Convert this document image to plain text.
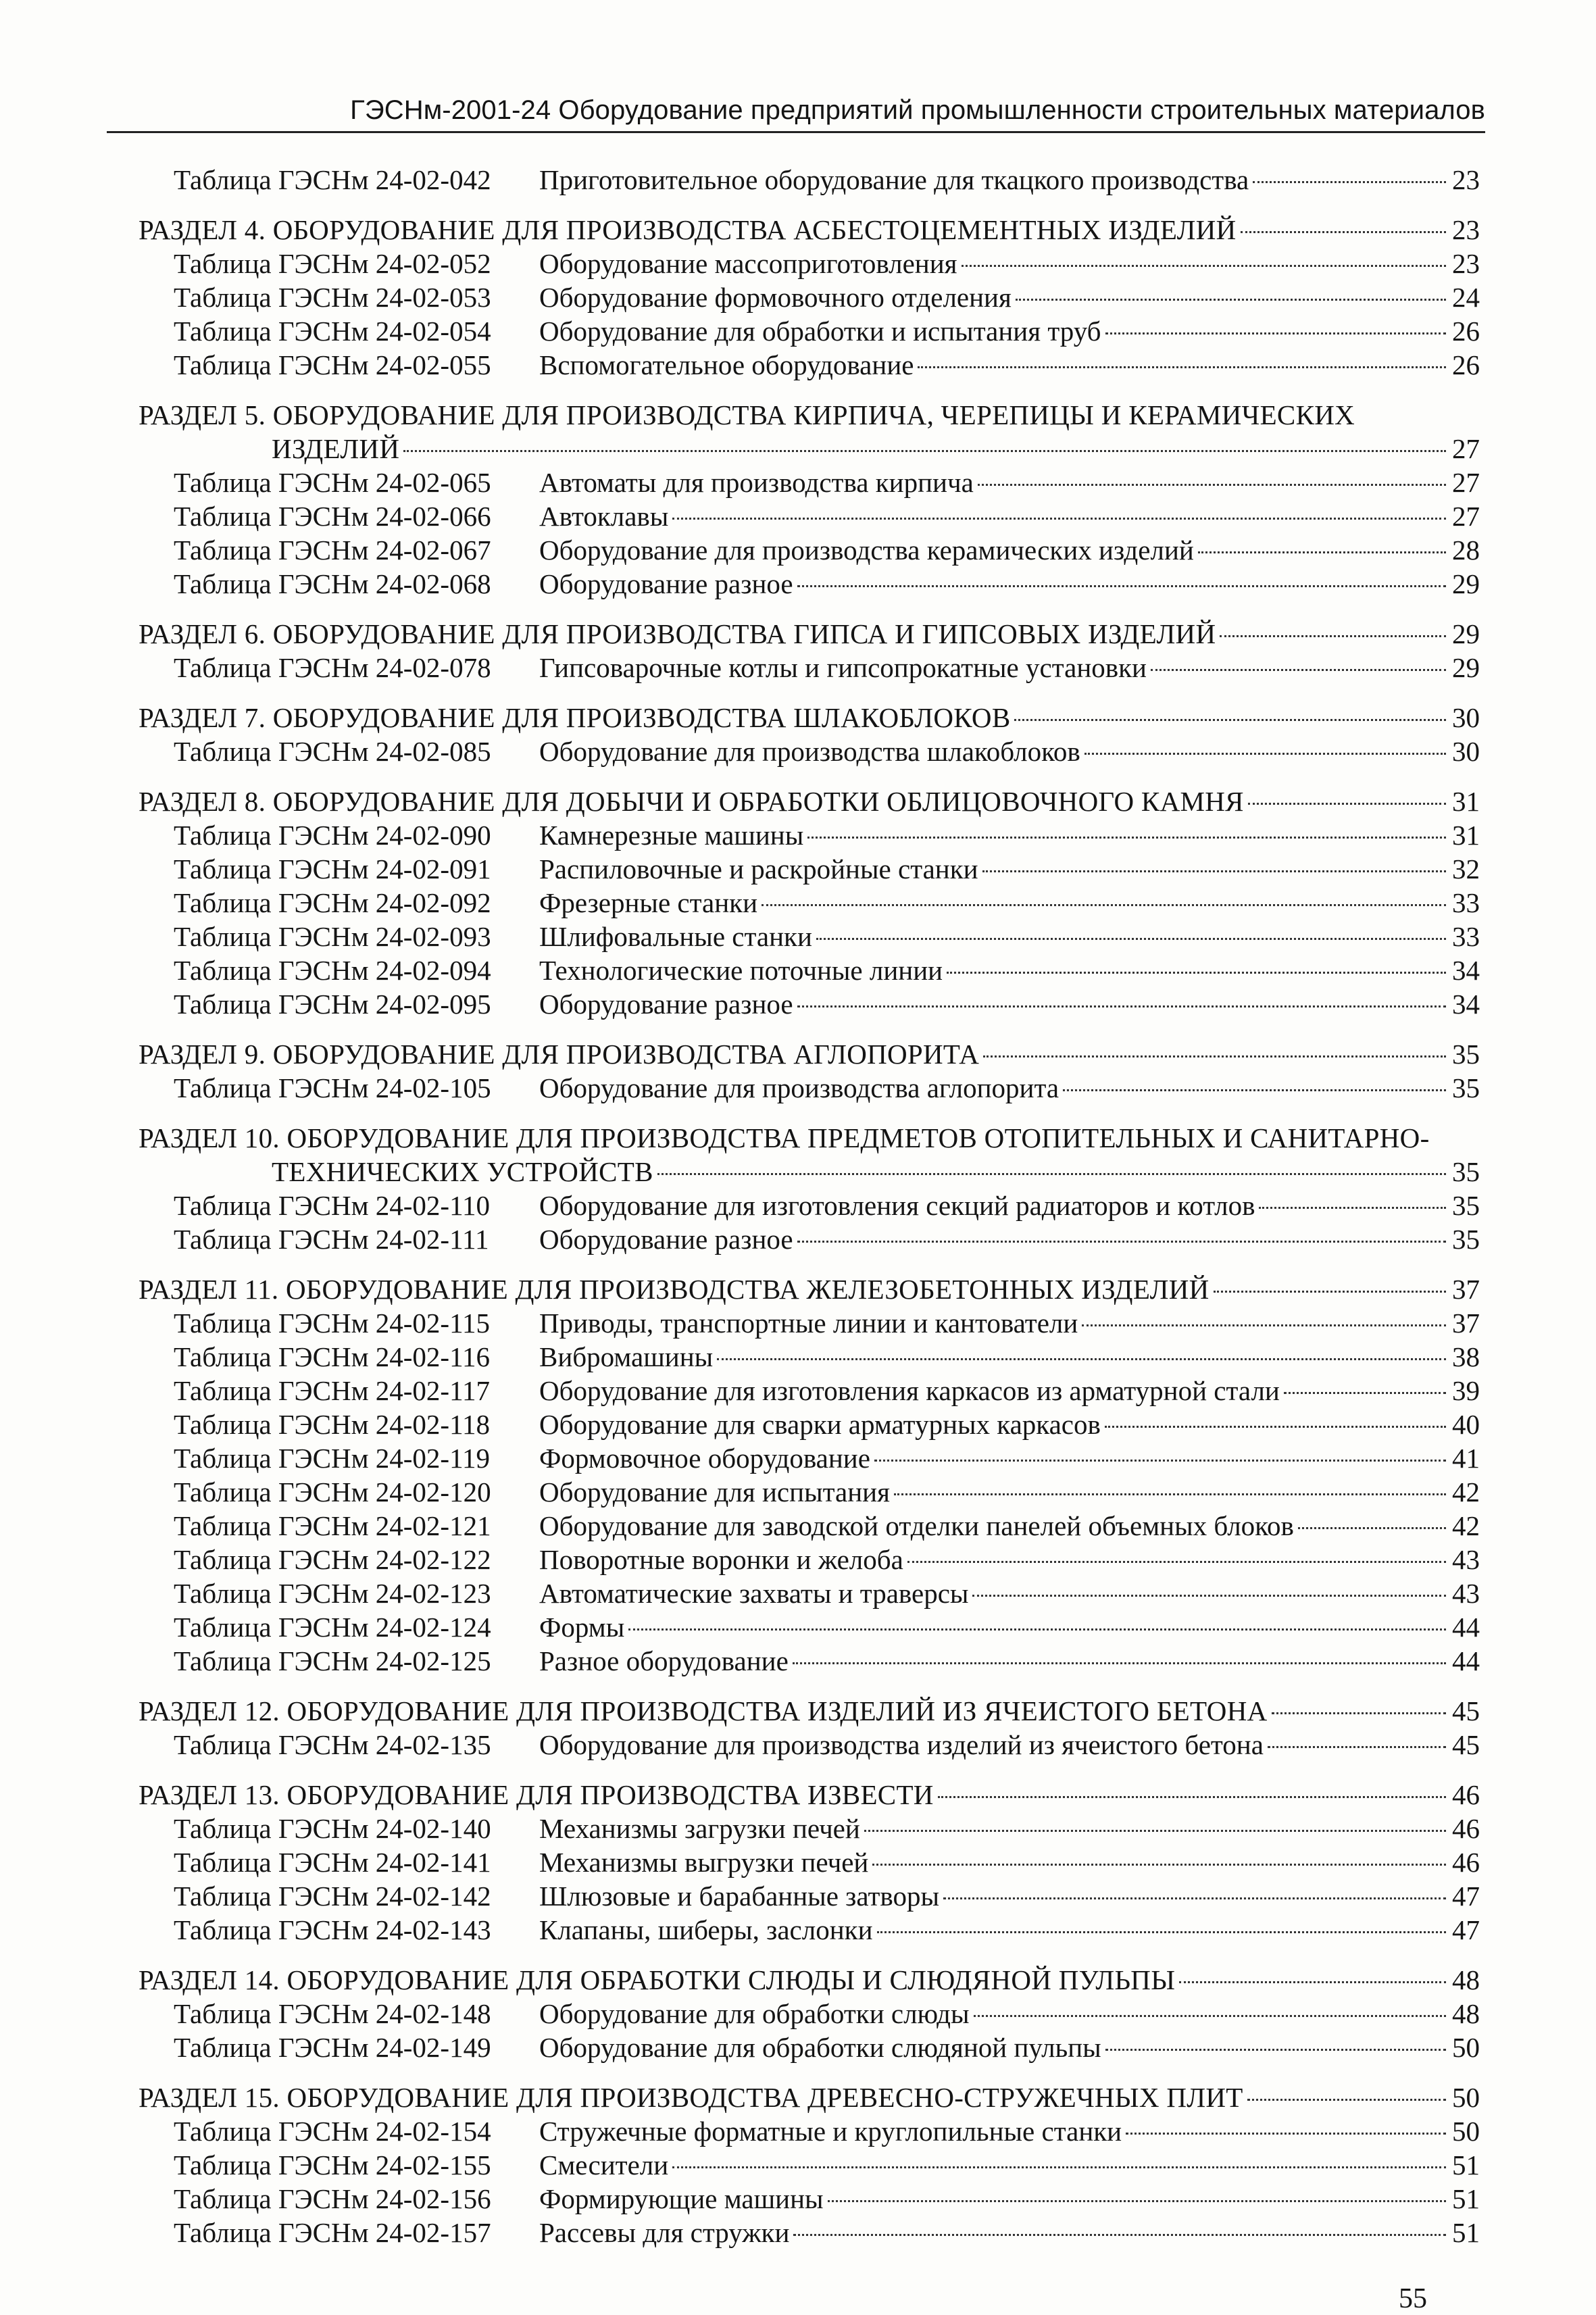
ГЭСНм-2001-24 Оборудование предприятий промышленности строительных материалов
Таблица ГЭСНм 24-02-042	Приготовительное оборудование для ткацкого производства	23
РАЗДЕЛ 4. ОБОРУДОВАНИЕ ДЛЯ ПРОИЗВОДСТВА АСБЕСТОЦЕМЕНТНЫХ ИЗДЕЛИЙ	23
Таблица ГЭСНм 24-02-052	Оборудование массоприготовления	23
Таблица ГЭСНм 24-02-053	Оборудование формовочного отделения	24
Таблица ГЭСНм 24-02-054	Оборудование для обработки и испытания труб	26
Таблица ГЭСНм 24-02-055	Вспомогательное оборудование	26
РАЗДЕЛ 5. ОБОРУДОВАНИЕ ДЛЯ ПРОИЗВОДСТВА КИРПИЧА, ЧЕРЕПИЦЫ И КЕРАМИЧЕСКИХ
ИЗДЕЛИЙ	27
Таблица ГЭСНм 24-02-065	Автоматы для производства кирпича	27
Таблица ГЭСНм 24-02-066	Автоклавы	27
Таблица ГЭСНм 24-02-067	Оборудование для производства керамических изделий	28
Таблица ГЭСНм 24-02-068	Оборудование разное	29
РАЗДЕЛ 6. ОБОРУДОВАНИЕ ДЛЯ ПРОИЗВОДСТВА ГИПСА И ГИПСОВЫХ ИЗДЕЛИЙ	29
Таблица ГЭСНм 24-02-078	Гипсоварочные котлы и гипсопрокатные установки	29
РАЗДЕЛ 7. ОБОРУДОВАНИЕ ДЛЯ ПРОИЗВОДСТВА ШЛАКОБЛОКОВ	30
Таблица ГЭСНм 24-02-085	Оборудование для производства шлакоблоков	30
РАЗДЕЛ 8. ОБОРУДОВАНИЕ ДЛЯ ДОБЫЧИ И ОБРАБОТКИ ОБЛИЦОВОЧНОГО КАМНЯ	31
Таблица ГЭСНм 24-02-090	Камнерезные машины	31
Таблица ГЭСНм 24-02-091	Распиловочные и раскройные станки	32
Таблица ГЭСНм 24-02-092	Фрезерные станки	33
Таблица ГЭСНм 24-02-093	Шлифовальные станки	33
Таблица ГЭСНм 24-02-094	Технологические поточные линии	34
Таблица ГЭСНм 24-02-095	Оборудование разное	34
РАЗДЕЛ 9. ОБОРУДОВАНИЕ ДЛЯ ПРОИЗВОДСТВА АГЛОПОРИТА	35
Таблица ГЭСНм 24-02-105	Оборудование для производства аглопорита	35
РАЗДЕЛ 10. ОБОРУДОВАНИЕ ДЛЯ ПРОИЗВОДСТВА ПРЕДМЕТОВ ОТОПИТЕЛЬНЫХ И САНИТАРНО-
ТЕХНИЧЕСКИХ УСТРОЙСТВ	35
Таблица ГЭСНм 24-02-110	Оборудование для изготовления секций радиаторов и котлов	35
Таблица ГЭСНм 24-02-111	Оборудование разное	35
РАЗДЕЛ 11. ОБОРУДОВАНИЕ ДЛЯ ПРОИЗВОДСТВА ЖЕЛЕЗОБЕТОННЫХ ИЗДЕЛИЙ	37
Таблица ГЭСНм 24-02-115	Приводы, транспортные линии и кантователи	37
Таблица ГЭСНм 24-02-116	Вибромашины	38
Таблица ГЭСНм 24-02-117	Оборудование для изготовления каркасов из арматурной стали	39
Таблица ГЭСНм 24-02-118	Оборудование для сварки арматурных каркасов	40
Таблица ГЭСНм 24-02-119	Формовочное оборудование	41
Таблица ГЭСНм 24-02-120	Оборудование для испытания	42
Таблица ГЭСНм 24-02-121	Оборудование для заводской отделки панелей объемных блоков	42
Таблица ГЭСНм 24-02-122	Поворотные воронки и желоба	43
Таблица ГЭСНм 24-02-123	Автоматические захваты и траверсы	43
Таблица ГЭСНм 24-02-124	Формы	44
Таблица ГЭСНм 24-02-125	Разное оборудование	44
РАЗДЕЛ 12. ОБОРУДОВАНИЕ ДЛЯ ПРОИЗВОДСТВА ИЗДЕЛИЙ ИЗ ЯЧЕИСТОГО БЕТОНА	45
Таблица ГЭСНм 24-02-135	Оборудование для производства изделий из ячеистого бетона	45
РАЗДЕЛ 13. ОБОРУДОВАНИЕ ДЛЯ ПРОИЗВОДСТВА ИЗВЕСТИ	46
Таблица ГЭСНм 24-02-140	Механизмы загрузки печей	46
Таблица ГЭСНм 24-02-141	Механизмы выгрузки печей	46
Таблица ГЭСНм 24-02-142	Шлюзовые и барабанные затворы	47
Таблица ГЭСНм 24-02-143	Клапаны, шиберы, заслонки	47
РАЗДЕЛ 14. ОБОРУДОВАНИЕ ДЛЯ ОБРАБОТКИ СЛЮДЫ И СЛЮДЯНОЙ ПУЛЬПЫ	48
Таблица ГЭСНм 24-02-148	Оборудование для обработки слюды	48
Таблица ГЭСНм 24-02-149	Оборудование для обработки слюдяной пульпы	50
РАЗДЕЛ 15. ОБОРУДОВАНИЕ ДЛЯ ПРОИЗВОДСТВА ДРЕВЕСНО-СТРУЖЕЧНЫХ ПЛИТ	50
Таблица ГЭСНм 24-02-154	Стружечные форматные и круглопильные станки	50
Таблица ГЭСНм 24-02-155	Смесители	51
Таблица ГЭСНм 24-02-156	Формирующие машины	51
Таблица ГЭСНм 24-02-157	Рассевы для стружки	51
55
